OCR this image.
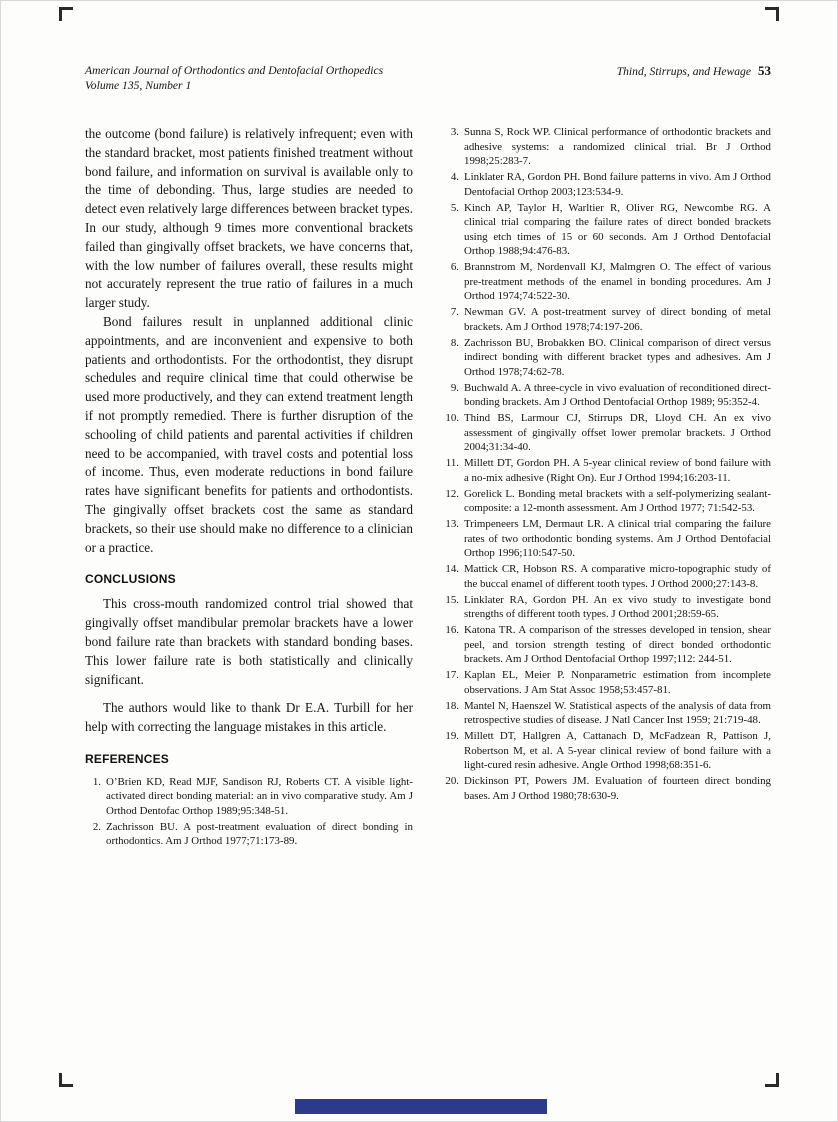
American Journal of Orthodontics and Dentofacial Orthopedics
Volume 135, Number 1
Thind, Stirrups, and Hewage 53

the outcome (bond failure) is relatively infrequent; even with the standard bracket, most patients finished treatment without bond failure, and information on survival is available only to the time of debonding. Thus, large studies are needed to detect even relatively large differences between bracket types. In our study, although 9 times more conventional brackets failed than gingivally offset brackets, we have concerns that, with the low number of failures overall, these results might not accurately represent the true ratio of failures in a much larger study.

Bond failures result in unplanned additional clinic appointments, and are inconvenient and expensive to both patients and orthodontists. For the orthodontist, they disrupt schedules and require clinical time that could otherwise be used more productively, and they can extend treatment length if not promptly remedied. There is further disruption of the schooling of child patients and parental activities if children need to be accompanied, with travel costs and potential loss of income. Thus, even moderate reductions in bond failure rates have significant benefits for patients and orthodontists. The gingivally offset brackets cost the same as standard brackets, so their use should make no difference to a clinician or a practice.

CONCLUSIONS

This cross-mouth randomized control trial showed that gingivally offset mandibular premolar brackets have a lower bond failure rate than brackets with standard bonding bases. This lower failure rate is both statistically and clinically significant.

The authors would like to thank Dr E.A. Turbill for her help with correcting the language mistakes in this article.

REFERENCES
1. O’Brien KD, Read MJF, Sandison RJ, Roberts CT. A visible light-activated direct bonding material: an in vivo comparative study. Am J Orthod Dentofac Orthop 1989;95:348-51.
2. Zachrisson BU. A post-treatment evaluation of direct bonding in orthodontics. Am J Orthod 1977;71:173-89.
3. Sunna S, Rock WP. Clinical performance of orthodontic brackets and adhesive systems: a randomized clinical trial. Br J Orthod 1998;25:283-7.
4. Linklater RA, Gordon PH. Bond failure patterns in vivo. Am J Orthod Dentofacial Orthop 2003;123:534-9.
5. Kinch AP, Taylor H, Warltier R, Oliver RG, Newcombe RG. A clinical trial comparing the failure rates of direct bonded brackets using etch times of 15 or 60 seconds. Am J Orthod Dentofacial Orthop 1988;94:476-83.
6. Brannstrom M, Nordenvall KJ, Malmgren O. The effect of various pre-treatment methods of the enamel in bonding procedures. Am J Orthod 1974;74:522-30.
7. Newman GV. A post-treatment survey of direct bonding of metal brackets. Am J Orthod 1978;74:197-206.
8. Zachrisson BU, Brobakken BO. Clinical comparison of direct versus indirect bonding with different bracket types and adhesives. Am J Orthod 1978;74:62-78.
9. Buchwald A. A three-cycle in vivo evaluation of reconditioned direct-bonding brackets. Am J Orthod Dentofacial Orthop 1989; 95:352-4.
10. Thind BS, Larmour CJ, Stirrups DR, Lloyd CH. An ex vivo assessment of gingivally offset lower premolar brackets. J Orthod 2004;31:34-40.
11. Millett DT, Gordon PH. A 5-year clinical review of bond failure with a no-mix adhesive (Right On). Eur J Orthod 1994;16:203-11.
12. Gorelick L. Bonding metal brackets with a self-polymerizing sealant-composite: a 12-month assessment. Am J Orthod 1977; 71:542-53.
13. Trimpeneers LM, Dermaut LR. A clinical trial comparing the failure rates of two orthodontic bonding systems. Am J Orthod Dentofacial Orthop 1996;110:547-50.
14. Mattick CR, Hobson RS. A comparative micro-topographic study of the buccal enamel of different tooth types. J Orthod 2000;27:143-8.
15. Linklater RA, Gordon PH. An ex vivo study to investigate bond strengths of different tooth types. J Orthod 2001;28:59-65.
16. Katona TR. A comparison of the stresses developed in tension, shear peel, and torsion strength testing of direct bonded orthodontic brackets. Am J Orthod Dentofacial Orthop 1997;112: 244-51.
17. Kaplan EL, Meier P. Nonparametric estimation from incomplete observations. J Am Stat Assoc 1958;53:457-81.
18. Mantel N, Haenszel W. Statistical aspects of the analysis of data from retrospective studies of disease. J Natl Cancer Inst 1959; 21:719-48.
19. Millett DT, Hallgren A, Cattanach D, McFadzean R, Pattison J, Robertson M, et al. A 5-year clinical review of bond failure with a light-cured resin adhesive. Angle Orthod 1998;68:351-6.
20. Dickinson PT, Powers JM. Evaluation of fourteen direct bonding bases. Am J Orthod 1980;78:630-9.
